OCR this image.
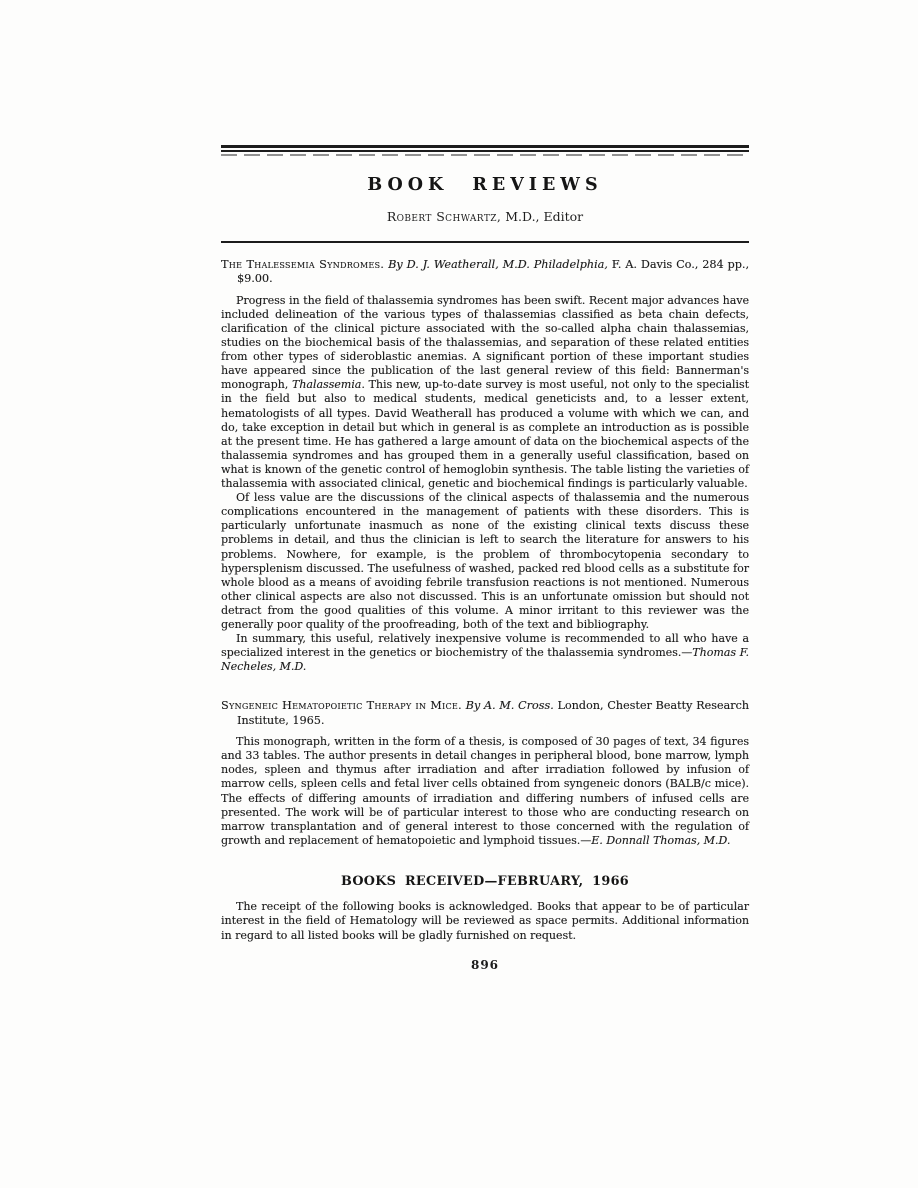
BOOK REVIEWS
Robert Schwartz, M.D., Editor

The Thalessemia Syndromes. By D. J. Weatherall, M.D. Philadelphia, F. A. Davis Co., 284 pp., $9.00.

Progress in the field of thalassemia syndromes has been swift. Recent major advances have included delineation of the various types of thalassemias classified as beta chain defects, clarification of the clinical picture associated with the so-called alpha chain thalassemias, studies on the biochemical basis of the thalassemias, and separation of these related entities from other types of sideroblastic anemias. A significant portion of these important studies have appeared since the publication of the last general review of this field: Bannerman's monograph, Thalassemia. This new, up-to-date survey is most useful, not only to the specialist in the field but also to medical students, medical geneticists and, to a lesser extent, hematologists of all types. David Weatherall has produced a volume with which we can, and do, take exception in detail but which in general is as complete an introduction as is possible at the present time. He has gathered a large amount of data on the biochemical aspects of the thalassemia syndromes and has grouped them in a generally useful classification, based on what is known of the genetic control of hemoglobin synthesis. The table listing the varieties of thalassemia with associated clinical, genetic and biochemical findings is particularly valuable.

Of less value are the discussions of the clinical aspects of thalassemia and the numerous complications encountered in the management of patients with these disorders. This is particularly unfortunate inasmuch as none of the existing clinical texts discuss these problems in detail, and thus the clinician is left to search the literature for answers to his problems. Nowhere, for example, is the problem of thrombocytopenia secondary to hypersplenism discussed. The usefulness of washed, packed red blood cells as a substitute for whole blood as a means of avoiding febrile transfusion reactions is not mentioned. Numerous other clinical aspects are also not discussed. This is an unfortunate omission but should not detract from the good qualities of this volume. A minor irritant to this reviewer was the generally poor quality of the proofreading, both of the text and bibliography.

In summary, this useful, relatively inexpensive volume is recommended to all who have a specialized interest in the genetics or biochemistry of the thalassemia syndromes.—Thomas F. Necheles, M.D.

Syngeneic Hematopoietic Therapy in Mice. By A. M. Cross. London, Chester Beatty Research Institute, 1965.

This monograph, written in the form of a thesis, is composed of 30 pages of text, 34 figures and 33 tables. The author presents in detail changes in peripheral blood, bone marrow, lymph nodes, spleen and thymus after irradiation and after irradiation followed by infusion of marrow cells, spleen cells and fetal liver cells obtained from syngeneic donors (BALB/c mice). The effects of differing amounts of irradiation and differing numbers of infused cells are presented. The work will be of particular interest to those who are conducting research on marrow transplantation and of general interest to those concerned with the regulation of growth and replacement of hematopoietic and lymphoid tissues.—E. Donnall Thomas, M.D.

BOOKS RECEIVED—FEBRUARY, 1966

The receipt of the following books is acknowledged. Books that appear to be of particular interest in the field of Hematology will be reviewed as space permits. Additional information in regard to all listed books will be gladly furnished on request.

896
